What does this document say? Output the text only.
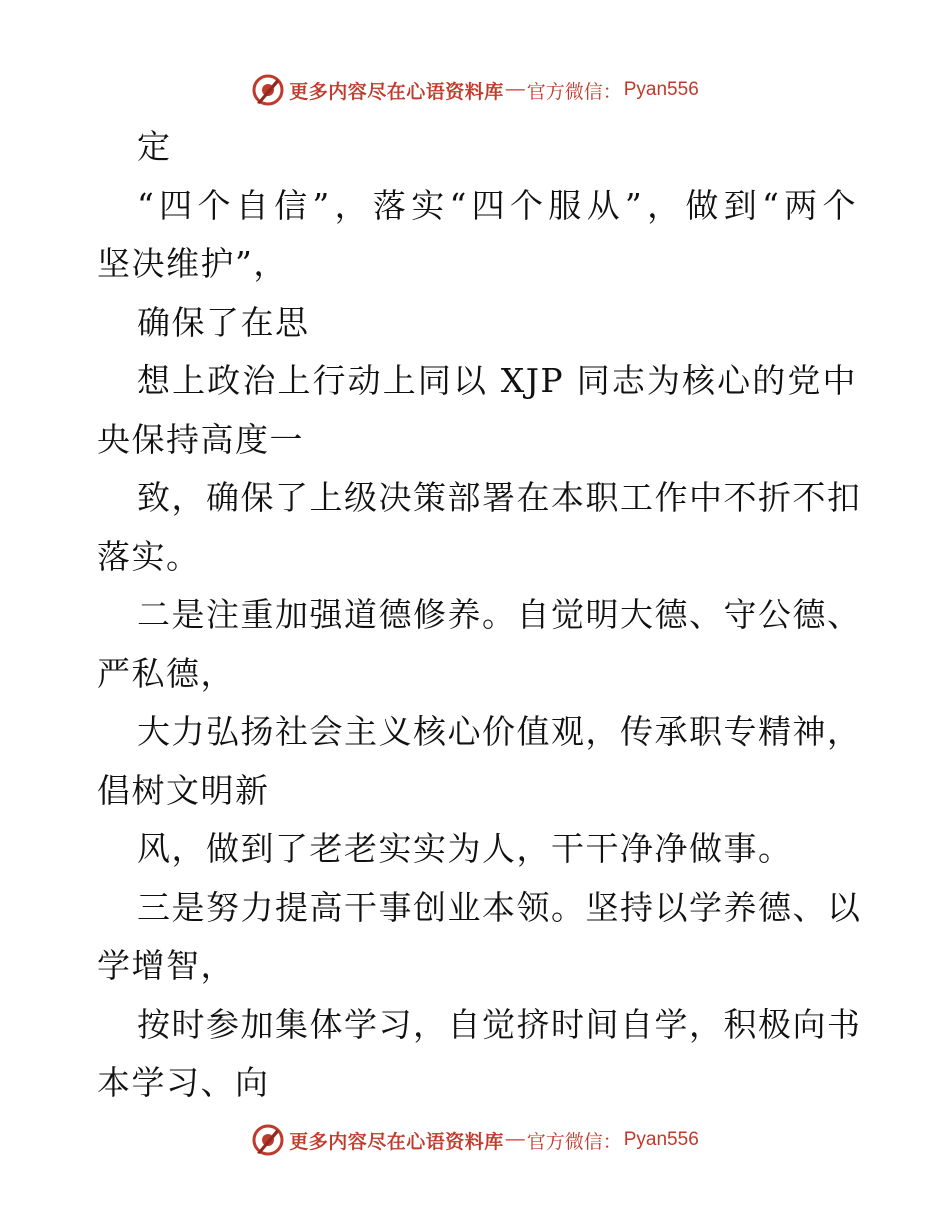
更多内容尽在心语资料库 — 官方微信： Pyan556
定
“四个自信”，落实“四个服从”，做到“两个
坚决维护”，
确保了在思
想上政治上行动上同以 XJP 同志为核心的党中
央保持高度一
致，确保了上级决策部署在本职工作中不折不扣
落实。
二是注重加强道德修养。自觉明大德、守公德、
严私德，
大力弘扬社会主义核心价值观，传承职专精神，
倡树文明新
风，做到了老老实实为人，干干净净做事。
三是努力提高干事创业本领。坚持以学养德、以
学增智，
按时参加集体学习，自觉挤时间自学，积极向书
本学习、向
更多内容尽在心语资料库 — 官方微信： Pyan556
